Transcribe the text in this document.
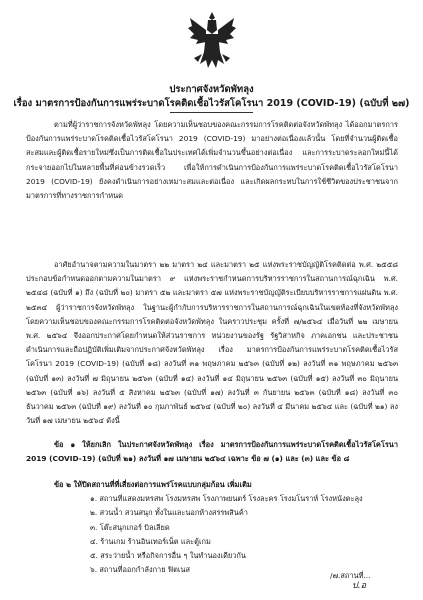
ประกาศจังหวัดพัทลุง
เรื่อง มาตรการป้องกันการแพร่ระบาดโรคติดเชื้อไวรัสโคโรนา 2019 (COVID-19) (ฉบับที่ ๒๗)

ตามที่ผู้ว่าราชการจังหวัดพัทลุง โดยความเห็นชอบของคณะกรรมการโรคติดต่อจังหวัดพัทลุง ได้ออกมาตรการป้องกันการแพร่ระบาดโรคติดเชื้อไวรัสโคโรนา 2019 (COVID-19) มาอย่างต่อเนื่องแล้วนั้น โดยที่จำนวนผู้ติดเชื้อสะสมและผู้ติดเชื้อรายใหม่ซึ่งเป็นการติดเชื้อในประเทศได้เพิ่มจำนวนขึ้นอย่างต่อเนื่อง และการระบาดระลอกใหม่นี้ได้กระจายออกไปในหลายพื้นที่ค่อนข้างรวดเร็ว เพื่อให้การดำเนินการป้องกันการแพร่ระบาดโรคติดเชื้อไวรัสโคโรนา 2019 (COVID-19) ยังคงดำเนินการอย่างเหมาะสมและต่อเนื่อง และเกิดผลกระทบในการใช้ชีวิตของประชาชนจากมาตรการที่ทางราชการกำหนด

อาศัยอำนาจตามความในมาตรา ๒๒ มาตรา ๒๔ และมาตรา ๒๕ แห่งพระราชบัญญัติโรคติดต่อ พ.ศ. ๒๕๕๘ ประกอบข้อกำหนดออกตามความในมาตรา ๙ แห่งพระราชกำหนดการบริหารราชการในสถานการณ์ฉุกเฉิน พ.ศ. ๒๕๔๘ (ฉบับที่ ๑) ถึง (ฉบับที่ ๒๐) มาตรา ๕๒ และมาตรา ๕๗ แห่งพระราชบัญญัติระเบียบบริหารราชการแผ่นดิน พ.ศ. ๒๕๓๔ ผู้ว่าราชการจังหวัดพัทลุง ในฐานะผู้กำกับการบริหารราชการในสถานการณ์ฉุกเฉินในเขตท้องที่จังหวัดพัทลุง โดยความเห็นชอบของคณะกรรมการโรคติดต่อจังหวัดพัทลุง ในคราวประชุม ครั้งที่ ๗/๒๕๖๔ เมื่อวันที่ ๒๒ เมษายน พ.ศ. ๒๕๖๔ จึงออกประกาศโดยกำหนดให้ส่วนราชการ หน่วยงานของรัฐ รัฐวิสาหกิจ ภาคเอกชน และประชาชน ดำเนินการและถือปฏิบัติเพิ่มเติมจากประกาศจังหวัดพัทลุง เรื่อง มาตรการป้องกันการแพร่ระบาดโรคติดเชื้อไวรัสโคโรนา 2019 (COVID-19) (ฉบับที่ ๑๘) ลงวันที่ ๓๑ พฤษภาคม ๒๕๖๓ (ฉบับที่ ๑๒) ลงวันที่ ๓๑ พฤษภาคม ๒๕๖๓ (ฉบับที่ ๑๓) ลงวันที่ ๗ มิถุนายน ๒๕๖๓ (ฉบับที่ ๑๔) ลงวันที่ ๑๔ มิถุนายน ๒๕๖๓ (ฉบับที่ ๑๕) ลงวันที่ ๓๐ มิถุนายน ๒๕๖๓ (ฉบับที่ ๑๖) ลงวันที่ ๕ สิงหาคม ๒๕๖๓ (ฉบับที่ ๑๗) ลงวันที่ ๓ กันยายน ๒๕๖๓ (ฉบับที่ ๑๘) ลงวันที่ ๓๐ ธันวาคม ๒๕๖๓ (ฉบับที่ ๑๙) ลงวันที่ ๑๐ กุมภาพันธ์ ๒๕๖๔ (ฉบับที่ ๒๐) ลงวันที่ ๔ มีนาคม ๒๕๖๔ และ (ฉบับที่ ๒๑) ลงวันที่ ๑๗ เมษายน ๒๕๖๔ ดังนี้

ข้อ ๑ ให้ยกเลิก ในประกาศจังหวัดพัทลุง เรื่อง มาตรการป้องกันการแพร่ระบาดโรคติดเชื้อไวรัสโคโรนา 2019 (COVID-19) (ฉบับที่ ๒๑) ลงวันที่ ๑๗ เมษายน ๒๕๖๔ เฉพาะ ข้อ ๗ (๑) และ (๓) และ ข้อ ๘

ข้อ ๒ ให้ปิดสถานที่ที่เสี่ยงต่อการแพร่โรคแบบกลุ่มก้อน เพิ่มเติม

๑. สถานที่แสดงมหรสพ โรงมหรสพ โรงภาพยนตร์ โรงละคร โรงมโนราห์ โรงหนังตะลุง
๒. สวนน้ำ สวนสนุก ทั้งในและนอกห้างสรรพสินค้า
๓. โต๊ะสนุกเกอร์ บิลเลียด
๔. ร้านเกม ร้านอินเทอร์เน็ต และตู้เกม
๕. สระว่ายน้ำ หรือกิจการอื่น ๆ ในทำนองเดียวกัน
๖. สถานที่ออกกำลังกาย ฟิตเนส
/๗.สถานที่...
ป.อ
